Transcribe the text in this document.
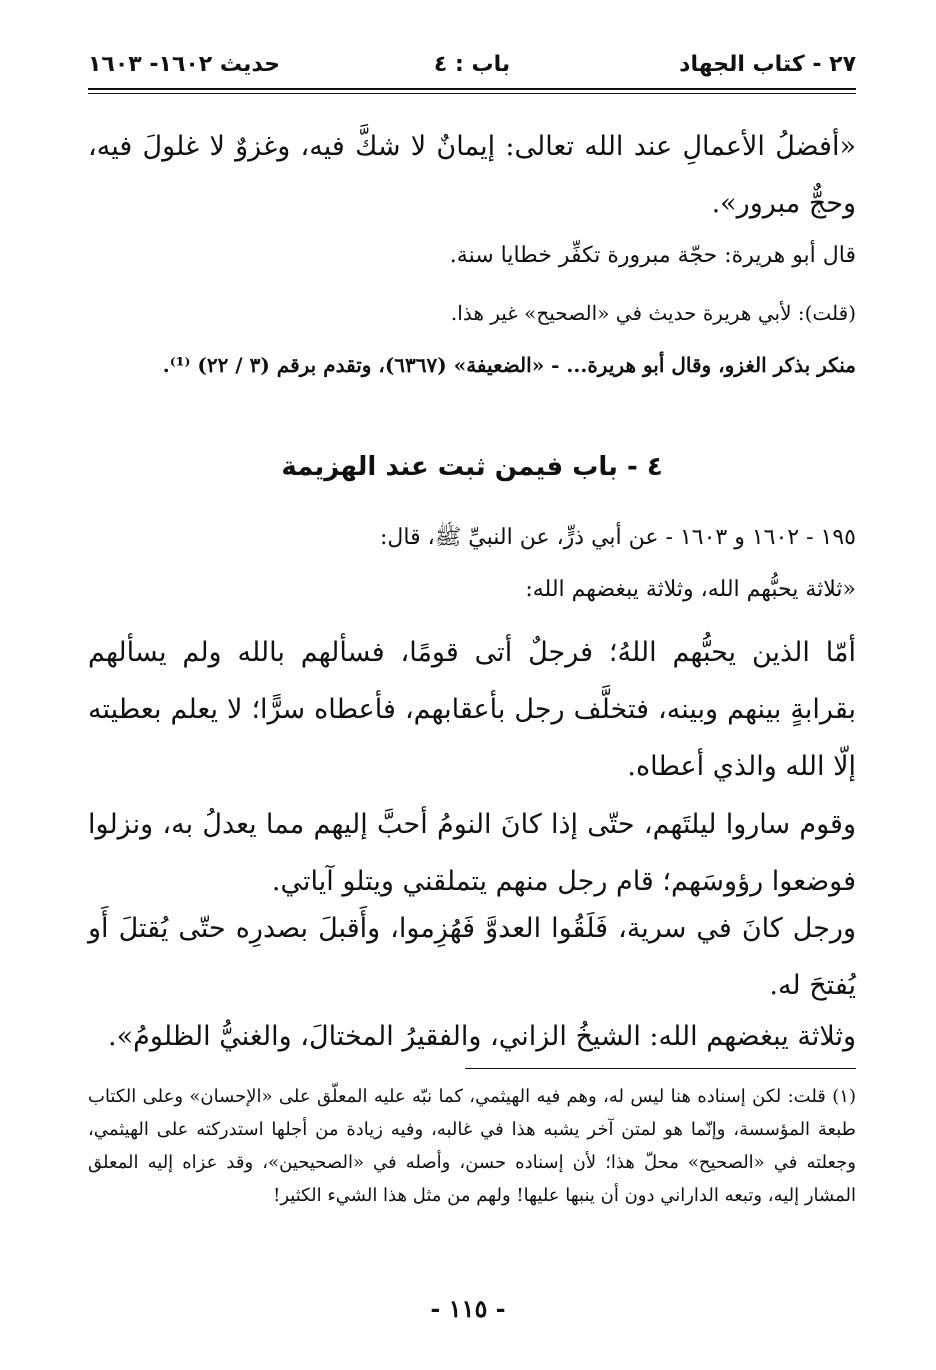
٢٧ - كتاب الجهاد
باب : ٤
حديث ١٦٠٢- ١٦٠٣
«أفضلُ الأعمالِ عند الله تعالى: إيمانٌ لا شكَّ فيه، وغزوٌ لا غلولَ فيه، وحجٌّ مبرور».
قال أبو هريرة: حجّة مبرورة تكفِّر خطايا سنة.
(قلت): لأبي هريرة حديث في «الصحيح» غير هذا.
منكر بذكر الغزو، وقال أبو هريرة... - «الضعيفة» (٦٣٦٧)، وتقدم برقم (٣ / ٢٢) ⁽¹⁾.
٤ - باب فيمن ثبت عند الهزيمة
١٩٥ - ١٦٠٢ و ١٦٠٣ - عن أبي ذرٍّ، عن النبيِّ ﷺ، قال:
«ثلاثة يحبُّهم الله، وثلاثة يبغضهم الله:
أمّا الذين يحبُّهم اللهُ؛ فرجلٌ أتى قومًا، فسألهم بالله ولم يسألهم بقرابةٍ بينهم وبينه، فتخلَّف رجل بأعقابهم، فأعطاه سرًّا؛ لا يعلم بعطيته إلّا الله والذي أعطاه.
وقوم ساروا ليلتَهم، حتّى إذا كانَ النومُ أحبَّ إليهم مما يعدلُ به، ونزلوا فوضعوا رؤوسَهم؛ قام رجل منهم يتملقني ويتلو آياتي.
ورجل كانَ في سرية، فَلَقُوا العدوَّ فَهُزِموا، وأَقبلَ بصدرِه حتّى يُقتلَ أَو يُفتحَ له.
وثلاثة يبغضهم الله: الشيخُ الزاني، والفقيرُ المختالَ، والغنيُّ الظلومُ».
(١) قلت: لكن إسناده هنا ليس له، وهم فيه الهيثمي، كما نبّه عليه المعلّق على «الإحسان» وعلى الكتاب طبعة المؤسسة، وإنّما هو لمتن آخر يشبه هذا في غالبه، وفيه زيادة من أجلها استدركته على الهيثمي، وجعلته في «الصحيح» محلّ هذا؛ لأن إسناده حسن، وأصله في «الصحيحين»، وقد عزاه إليه المعلق المشار إليه، وتبعه الداراني دون أن ينبها عليها! ولهم من مثل هذا الشيء الكثير!
- ١١٥ -
